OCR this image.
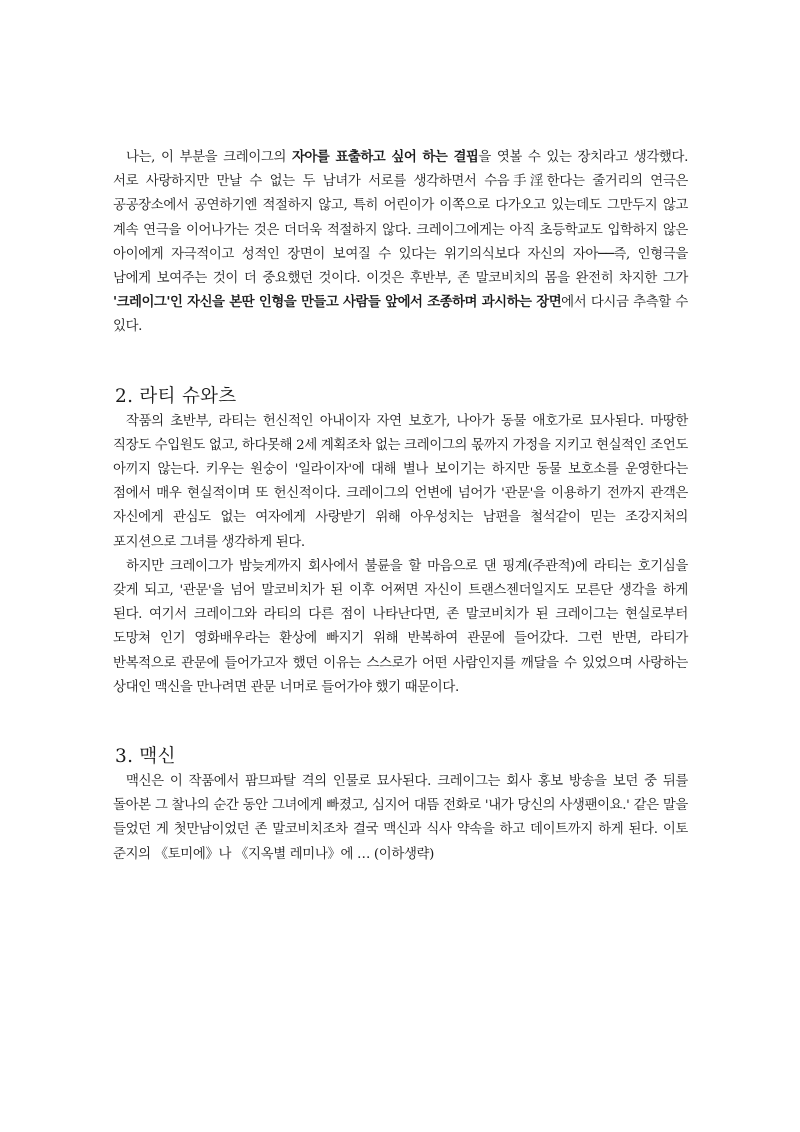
나는, 이 부분을 크레이그의 자아를 표출하고 싶어 하는 결핍을 엿볼 수 있는 장치라고 생각했다. 서로 사랑하지만 만날 수 없는 두 남녀가 서로를 생각하면서 수음手淫한다는 줄거리의 연극은 공공장소에서 공연하기엔 적절하지 않고, 특히 어린이가 이쪽으로 다가오고 있는데도 그만두지 않고 계속 연극을 이어나가는 것은 더더욱 적절하지 않다. 크레이그에게는 아직 초등학교도 입학하지 않은 아이에게 자극적이고 성적인 장면이 보여질 수 있다는 위기의식보다 자신의 자아──즉, 인형극을 남에게 보여주는 것이 더 중요했던 것이다. 이것은 후반부, 존 말코비치의 몸을 완전히 차지한 그가 '크레이그'인 자신을 본딴 인형을 만들고 사람들 앞에서 조종하며 과시하는 장면에서 다시금 추측할 수 있다.

2. 라티 슈와츠

작품의 초반부, 라티는 헌신적인 아내이자 자연 보호가, 나아가 동물 애호가로 묘사된다. 마땅한 직장도 수입원도 없고, 하다못해 2세 계획조차 없는 크레이그의 몫까지 가정을 지키고 현실적인 조언도 아끼지 않는다. 키우는 원숭이 '일라이자'에 대해 별나 보이기는 하지만 동물 보호소를 운영한다는 점에서 매우 현실적이며 또 헌신적이다. 크레이그의 언변에 넘어가 '관문'을 이용하기 전까지 관객은 자신에게 관심도 없는 여자에게 사랑받기 위해 아우성치는 남편을 철석같이 믿는 조강지처의 포지션으로 그녀를 생각하게 된다.

하지만 크레이그가 밤늦게까지 회사에서 불륜을 할 마음으로 댄 핑계(주관적)에 라티는 호기심을 갖게 되고, '관문'을 넘어 말코비치가 된 이후 어쩌면 자신이 트랜스젠더일지도 모른단 생각을 하게 된다. 여기서 크레이그와 라티의 다른 점이 나타난다면, 존 말코비치가 된 크레이그는 현실로부터 도망쳐 인기 영화배우라는 환상에 빠지기 위해 반복하여 관문에 들어갔다. 그런 반면, 라티가 반복적으로 관문에 들어가고자 했던 이유는 스스로가 어떤 사람인지를 깨달을 수 있었으며 사랑하는 상대인 맥신을 만나려면 관문 너머로 들어가야 했기 때문이다.

3. 맥신

맥신은 이 작품에서 팜므파탈 격의 인물로 묘사된다. 크레이그는 회사 홍보 방송을 보던 중 뒤를 돌아본 그 찰나의 순간 동안 그녀에게 빠졌고, 심지어 대뜸 전화로 '내가 당신의 사생팬이요.' 같은 말을 들었던 게 첫만남이었던 존 말코비치조차 결국 맥신과 식사 약속을 하고 데이트까지 하게 된다. 이토 준지의 《토미에》나 《지옥별 레미나》에 … (이하생략)
